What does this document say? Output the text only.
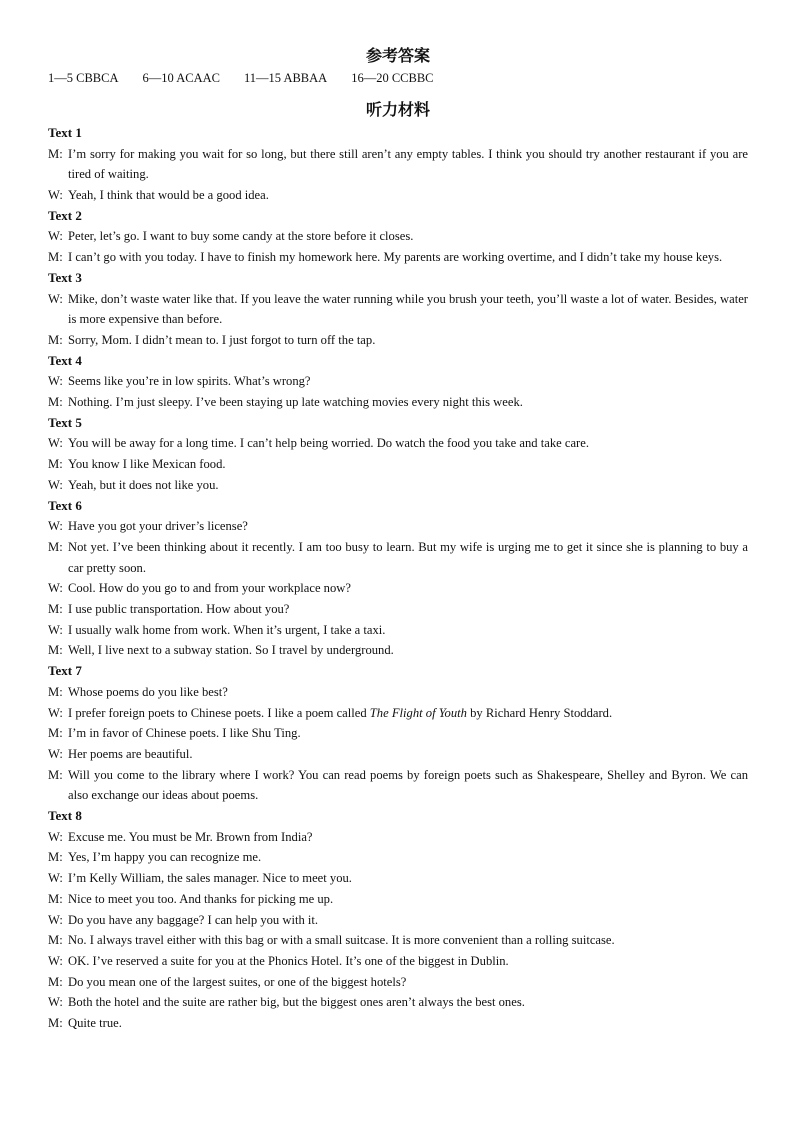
参考答案
1—5 CBBCA 6—10 ACAAC 11—15 ABBAA 16—20 CCBBC
听力材料
Text 1
M: I’m sorry for making you wait for so long, but there still aren’t any empty tables. I think you should try another restaurant if you are tired of waiting.
W: Yeah, I think that would be a good idea.
Text 2
W: Peter, let’s go. I want to buy some candy at the store before it closes.
M: I can’t go with you today. I have to finish my homework here. My parents are working overtime, and I didn’t take my house keys.
Text 3
W: Mike, don’t waste water like that. If you leave the water running while you brush your teeth, you’ll waste a lot of water. Besides, water is more expensive than before.
M: Sorry, Mom. I didn’t mean to. I just forgot to turn off the tap.
Text 4
W: Seems like you’re in low spirits. What’s wrong?
M: Nothing. I’m just sleepy. I’ve been staying up late watching movies every night this week.
Text 5
W: You will be away for a long time. I can’t help being worried. Do watch the food you take and take care.
M: You know I like Mexican food.
W: Yeah, but it does not like you.
Text 6
W: Have you got your driver’s license?
M: Not yet. I’ve been thinking about it recently. I am too busy to learn. But my wife is urging me to get it since she is planning to buy a car pretty soon.
W: Cool. How do you go to and from your workplace now?
M: I use public transportation. How about you?
W: I usually walk home from work. When it’s urgent, I take a taxi.
M: Well, I live next to a subway station. So I travel by underground.
Text 7
M: Whose poems do you like best?
W: I prefer foreign poets to Chinese poets. I like a poem called The Flight of Youth by Richard Henry Stoddard.
M: I’m in favor of Chinese poets. I like Shu Ting.
W: Her poems are beautiful.
M: Will you come to the library where I work? You can read poems by foreign poets such as Shakespeare, Shelley and Byron. We can also exchange our ideas about poems.
Text 8
W: Excuse me. You must be Mr. Brown from India?
M: Yes, I’m happy you can recognize me.
W: I’m Kelly William, the sales manager. Nice to meet you.
M: Nice to meet you too. And thanks for picking me up.
W: Do you have any baggage? I can help you with it.
M: No. I always travel either with this bag or with a small suitcase. It is more convenient than a rolling suitcase.
W: OK. I’ve reserved a suite for you at the Phonics Hotel. It’s one of the biggest in Dublin.
M: Do you mean one of the largest suites, or one of the biggest hotels?
W: Both the hotel and the suite are rather big, but the biggest ones aren’t always the best ones.
M: Quite true.
